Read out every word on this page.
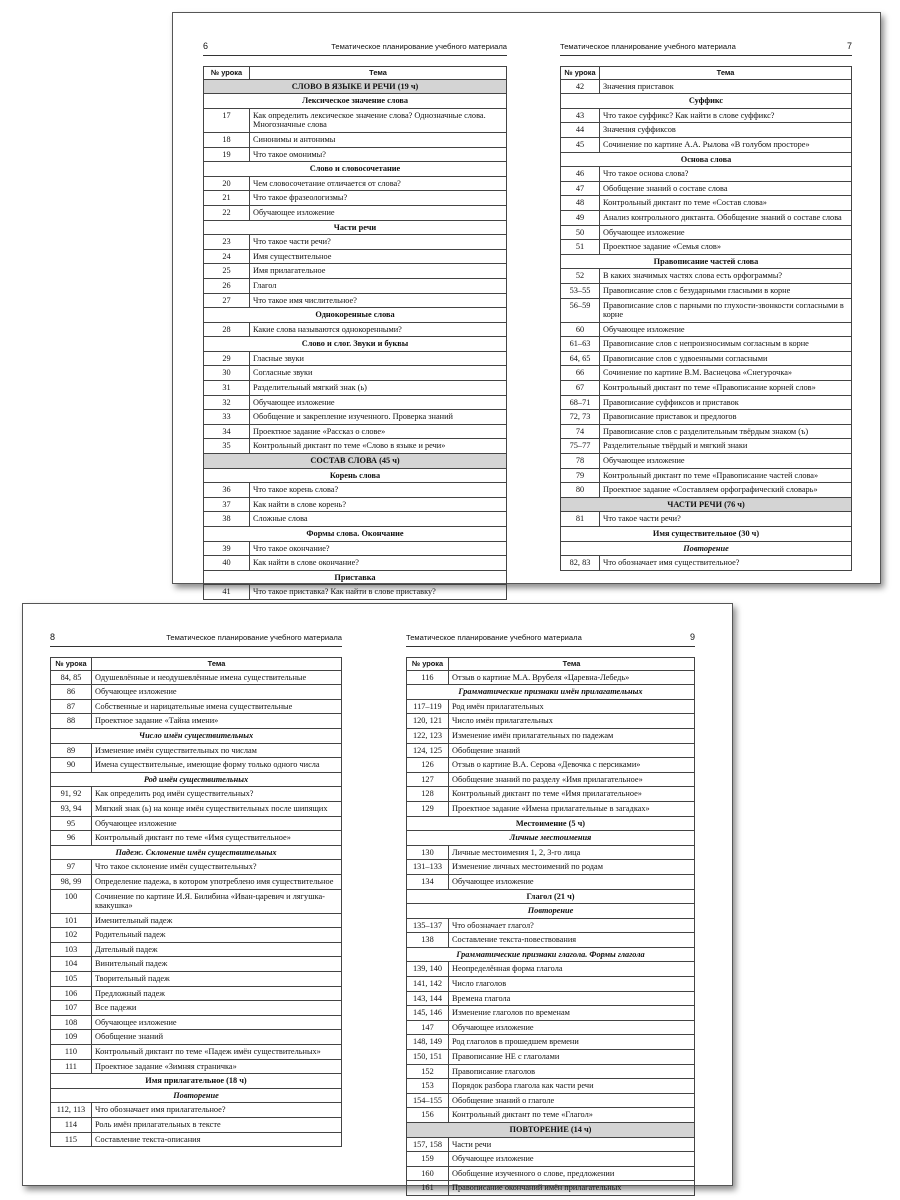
6	Тематическое планирование учебного материала
№ урока	Тема
СЛОВО В ЯЗЫКЕ И РЕЧИ (19 ч)	
Лексическое значение слова	
17	Как определить лексическое значение слова? Однозначные слова. Многозначные слова
18	Синонимы и антонимы
19	Что такое омонимы?
Слово и словосочетание	
20	Чем словосочетание отличается от слова?
21	Что такое фразеологизмы?
22	Обучающее изложение
Части речи	
23	Что такое части речи?
24	Имя существительное
25	Имя прилагательное
26	Глагол
27	Что такое имя числительное?
Однокоренные слова	
28	Какие слова называются однокоренными?
Слово и слог. Звуки и буквы	
29	Гласные звуки
30	Согласные звуки
31	Разделительный мягкий знак (ь)
32	Обучающее изложение
33	Обобщение и закрепление изученного. Проверка знаний
34	Проектное задание «Рассказ о слове»
35	Контрольный диктант по теме «Слово в языке и речи»
СОСТАВ СЛОВА (45 ч)	
Корень слова	
36	Что такое корень слова?
37	Как найти в слове корень?
38	Сложные слова
Формы слова. Окончание	
39	Что такое окончание?
40	Как найти в слове окончание?
Приставка	
41	Что такое приставка? Как найти в слове приставку?
Тематическое планирование учебного материала	7
№ урока	Тема
42	Значения приставок
Суффикс	
43	Что такое суффикс? Как найти в слове суффикс?
44	Значения суффиксов
45	Сочинение по картине А.А. Рылова «В голубом просторе»
Основа слова	
46	Что такое основа слова?
47	Обобщение знаний о составе слова
48	Контрольный диктант по теме «Состав слова»
49	Анализ контрольного диктанта. Обобщение знаний о составе слова
50	Обучающее изложение
51	Проектное задание «Семья слов»
Правописание частей слова	
52	В каких значимых частях слова есть орфограммы?
53–55	Правописание слов с безударными гласными в корне
56–59	Правописание слов с парными по глухости-звонкости согласными в корне
60	Обучающее изложение
61–63	Правописание слов с непроизносимым согласным в корне
64, 65	Правописание слов с удвоенными согласными
66	Сочинение по картине В.М. Васнецова «Снегурочка»
67	Контрольный диктант по теме «Правописание корней слов»
68–71	Правописание суффиксов и приставок
72, 73	Правописание приставок и предлогов
74	Правописание слов с разделительным твёрдым знаком (ъ)
75–77	Разделительные твёрдый и мягкий знаки
78	Обучающее изложение
79	Контрольный диктант по теме «Правописание частей слова»
80	Проектное задание «Составляем орфографический словарь»
ЧАСТИ РЕЧИ (76 ч)	
81	Что такое части речи?
Имя существительное (30 ч)	
Повторение	
82, 83	Что обозначает имя существительное?
8	Тематическое планирование учебного материала
№ урока	Тема
84, 85	Одушевлённые и неодушевлённые имена существительные
86	Обучающее изложение
87	Собственные и нарицательные имена существительные
88	Проектное задание «Тайна имени»
Число имён существительных	
89	Изменение имён существительных по числам
90	Имена существительные, имеющие форму только одного числа
Род имён существительных	
91, 92	Как определить род имён существительных?
93, 94	Мягкий знак (ь) на конце имён существительных после шипящих
95	Обучающее изложение
96	Контрольный диктант по теме «Имя существительное»
Падеж. Склонение имён существительных	
97	Что такое склонение имён существительных?
98, 99	Определение падежа, в котором употреблено имя существительное
100	Сочинение по картине И.Я. Билибина «Иван-царевич и лягушка-квакушка»
101	Именительный падеж
102	Родительный падеж
103	Дательный падеж
104	Винительный падеж
105	Творительный падеж
106	Предложный падеж
107	Все падежи
108	Обучающее изложение
109	Обобщение знаний
110	Контрольный диктант по теме «Падеж имён существительных»
111	Проектное задание «Зимняя страничка»
Имя прилагательное (18 ч)	
Повторение	
112, 113	Что обозначает имя прилагательное?
114	Роль имён прилагательных в тексте
115	Составление текста-описания
Тематическое планирование учебного материала	9
№ урока	Тема
116	Отзыв о картине М.А. Врубеля «Царевна-Лебедь»
Грамматические признаки имён прилагательных	
117–119	Род имён прилагательных
120, 121	Число имён прилагательных
122, 123	Изменение имён прилагательных по падежам
124, 125	Обобщение знаний
126	Отзыв о картине В.А. Серова «Девочка с персиками»
127	Обобщение знаний по разделу «Имя прилагательное»
128	Контрольный диктант по теме «Имя прилагательное»
129	Проектное задание «Имена прилагательные в загадках»
Местоимение (5 ч)	
Личные местоимения	
130	Личные местоимения 1, 2, 3-го лица
131–133	Изменение личных местоимений по родам
134	Обучающее изложение
Глагол (21 ч)	
Повторение	
135–137	Что обозначает глагол?
138	Составление текста-повествования
Грамматические признаки глагола. Формы глагола	
139, 140	Неопределённая форма глагола
141, 142	Число глаголов
143, 144	Времена глагола
145, 146	Изменение глаголов по временам
147	Обучающее изложение
148, 149	Род глаголов в прошедшем времени
150, 151	Правописание НЕ с глаголами
152	Правописание глаголов
153	Порядок разбора глагола как части речи
154–155	Обобщение знаний о глаголе
156	Контрольный диктант по теме «Глагол»
ПОВТОРЕНИЕ (14 ч)	
157, 158	Части речи
159	Обучающее изложение
160	Обобщение изученного о слове, предложении
161	Правописание окончаний имён прилагательных
